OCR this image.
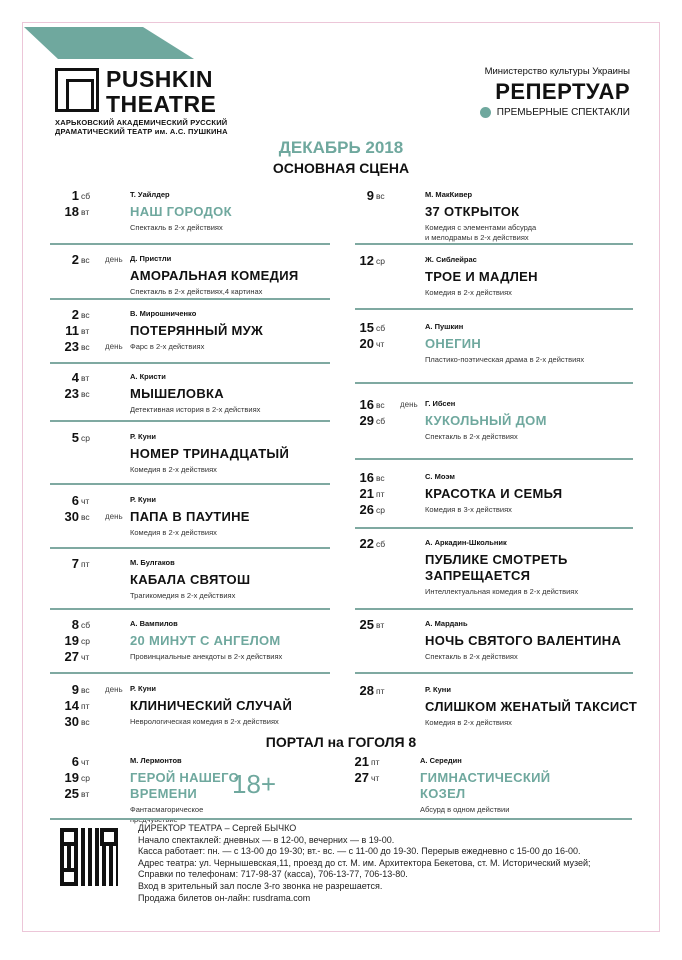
PUSHKIN
THEATRE
ХАРЬКОВСКИЙ АКАДЕМИЧЕСКИЙ РУССКИЙ
ДРАМАТИЧЕСКИЙ ТЕАТР им. А.С. ПУШКИНА
Министерство культуры Украины
РЕПЕРТУАР
ПРЕМЬЕРНЫЕ СПЕКТАКЛИ
ДЕКАБРЬ 2018
ОСНОВНАЯ СЦЕНА
1 сб
18 вт
Т. Уайлдер
НАШ ГОРОДОК
Спектакль в 2-х действиях
2 вс день Д. Пристли
АМОРАЛЬНАЯ КОМЕДИЯ
Спектакль в 2-х действиях,4 картинах
2 вс
11 вт
23 вс день
В. Мирошниченко
ПОТЕРЯННЫЙ МУЖ
Фарс в 2-х действиях
4 вт
23 вс
А. Кристи
МЫШЕЛОВКА
Детективная история в 2-х действиях
5 ср	Р. Куни
НОМЕР ТРИНАДЦАТЫЙ
Комедия в 2-х действиях
6 чт
30 вс день
Р. Куни
ПАПА В ПАУТИНЕ
Комедия в 2-х действиях
7 пт	М. Булгаков
КАБАЛА СВЯТОШ
Трагикомедия в 2-х действиях
8 сб
19 ср
27 чт
А. Вампилов
20 МИНУТ С АНГЕЛОМ
Провинциальные анекдоты в 2-х действиях
9 вс день
14 пт
30 вс
Р. Куни
КЛИНИЧЕСКИЙ СЛУЧАЙ
Неврологическая комедия в 2-х действиях
9 вс	М. МакКивер
37 ОТКРЫТОК
Комедия с элементами абсурда
и мелодрамы в 2-х действиях
12 ср	Ж. Сиблейрас
ТРОЕ И МАДЛЕН
Комедия в 2-х действиях
15 сб
20 чт
А. Пушкин
ОНЕГИН
Пластико-поэтическая драма в 2-х действиях
16 вс день
29 сб
Г. Ибсен
КУКОЛЬНЫЙ ДОМ
Спектакль в 2-х действиях
16 вс
21 пт
26 ср
С. Моэм
КРАСОТКА И СЕМЬЯ
Комедия в 3-х действиях
22 сб	А. Аркадин-Школьник
ПУБЛИКЕ СМОТРЕТЬ ЗАПРЕЩАЕТСЯ
Интеллектуальная комедия в 2-х действиях
25 вт	А. Мардань
НОЧЬ СВЯТОГО ВАЛЕНТИНА
Спектакль в 2-х действиях
28 пт	Р. Куни
СЛИШКОМ ЖЕНАТЫЙ ТАКСИСТ
Комедия в 2-х действиях
6 чт
19 ср
25 вт
М. Лермонтов
ГЕРОЙ НАШЕГО ВРЕМЕНИ
Фантасмагорическое
21 пт
27 чт
А. Серeдин
ГИМНАСТИЧЕСКИЙ КОЗЕЛ
Абсурд в одном действии
ПОРТАЛ на ГОГОЛЯ 8
18+
ДИРЕКТОР ТЕАТРА – Сергей БЫЧКО
Начало спектаклей: дневных — в 12-00, вечерних — в 19-00.
Касса работает: пн. — с 13-00 до 19-30; вт.- вс. — с 11-00 до 19-30. Перерыв ежедневно с 15-00 до 16-00.
Адрес театра: ул. Чернышевская,11, проезд до ст. М. им. Архитектора Бекетова, ст. М. Исторический музей;
Справки по телефонам: 717-98-37 (касса), 706-13-77, 706-13-80.
Вход в зрительный зал после 3-го звонка не разрешается.
Продажа билетов он-лайн: rusdrama.com
